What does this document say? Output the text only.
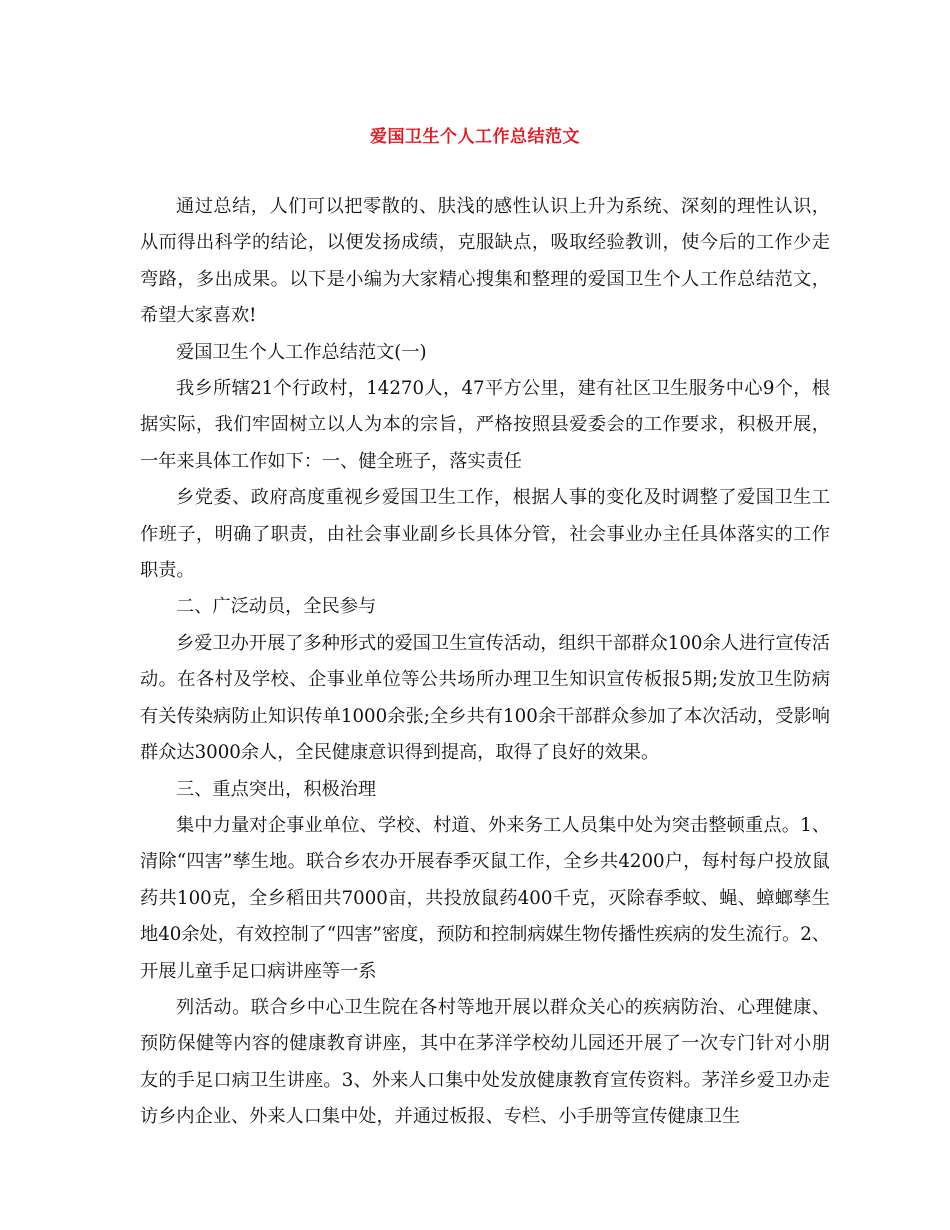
爱国卫生个人工作总结范文

通过总结，人们可以把零散的、肤浅的感性认识上升为系统、深刻的理性认识，从而得出科学的结论，以便发扬成绩，克服缺点，吸取经验教训，使今后的工作少走弯路，多出成果。以下是小编为大家精心搜集和整理的爱国卫生个人工作总结范文，希望大家喜欢!

爱国卫生个人工作总结范文(一)

我乡所辖21个行政村，14270人，47平方公里，建有社区卫生服务中心9个，根据实际，我们牢固树立以人为本的宗旨，严格按照县爱委会的工作要求，积极开展，一年来具体工作如下：一、健全班子，落实责任

乡党委、政府高度重视乡爱国卫生工作，根据人事的变化及时调整了爱国卫生工作班子，明确了职责，由社会事业副乡长具体分管，社会事业办主任具体落实的工作职责。

二、广泛动员，全民参与

乡爱卫办开展了多种形式的爱国卫生宣传活动，组织干部群众100余人进行宣传活动。在各村及学校、企事业单位等公共场所办理卫生知识宣传板报5期;发放卫生防病有关传染病防止知识传单1000余张;全乡共有100余干部群众参加了本次活动，受影响群众达3000余人，全民健康意识得到提高，取得了良好的效果。

三、重点突出，积极治理

集中力量对企事业单位、学校、村道、外来务工人员集中处为突击整顿重点。1、清除“四害”孳生地。联合乡农办开展春季灭鼠工作，全乡共4200户，每村每户投放鼠药共100克，全乡稻田共7000亩，共投放鼠药400千克，灭除春季蚊、蝇、蟑螂孳生地40余处，有效控制了“四害”密度，预防和控制病媒生物传播性疾病的发生流行。2、开展儿童手足口病讲座等一系

列活动。联合乡中心卫生院在各村等地开展以群众关心的疾病防治、心理健康、预防保健等内容的健康教育讲座，其中在茅洋学校幼儿园还开展了一次专门针对小朋友的手足口病卫生讲座。3、外来人口集中处发放健康教育宣传资料。茅洋乡爱卫办走访乡内企业、外来人口集中处，并通过板报、专栏、小手册等宣传健康卫生
